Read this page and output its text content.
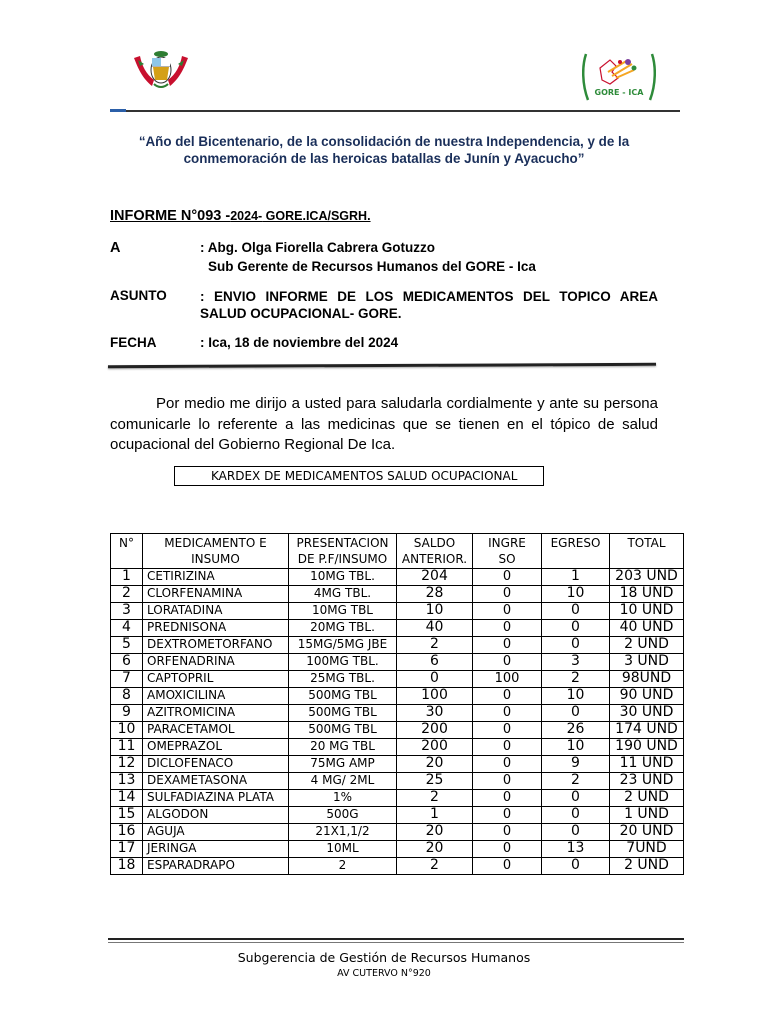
GORE - ICA
“Año del Bicentenario, de la consolidación de nuestra Independencia, y de la
conmemoración de las heroicas batallas de Junín y Ayacucho”
INFORME N°093 -2024- GORE.ICA/SGRH.
A	: Abg. Olga Fiorella Cabrera Gotuzzo
Sub Gerente de Recursos Humanos del GORE - Ica
ASUNTO : ENVIO INFORME DE LOS MEDICAMENTOS DEL TOPICO AREA SALUD OCUPACIONAL- GORE.
FECHA	: Ica, 18 de noviembre del 2024
Por medio me dirijo a usted para saludarla cordialmente y ante su persona comunicarle lo referente a las medicinas que se tienen en el tópico de salud ocupacional del Gobierno Regional De Ica.
KARDEX DE MEDICAMENTOS SALUD OCUPACIONAL
N°	MEDICAMENTO E INSUMO	PRESENTACION DE P.F/INSUMO	SALDO ANTERIOR.	INGRESO	EGRESO	TOTAL
1	CETIRIZINA	10MG TBL.	204	0	1	203 UND
2	CLORFENAMINA	4MG TBL.	28	0	10	18 UND
3	LORATADINA	10MG TBL	10	0	0	10 UND
4	PREDNISONA	20MG TBL.	40	0	0	40 UND
5	DEXTROMETORFANO	15MG/5MG JBE	2	0	0	2 UND
6	ORFENADRINA	100MG TBL.	6	0	3	3 UND
7	CAPTOPRIL	25MG TBL.	0	100	2	98UND
8	AMOXICILINA	500MG TBL	100	0	10	90 UND
9	AZITROMICINA	500MG TBL	30	0	0	30 UND
10	PARACETAMOL	500MG TBL	200	0	26	174 UND
11	OMEPRAZOL	20 MG TBL	200	0	10	190 UND
12	DICLOFENACO	75MG AMP	20	0	9	11 UND
13	DEXAMETASONA	4 MG/ 2ML	25	0	2	23 UND
14	SULFADIAZINA PLATA	1%	2	0	0	2 UND
15	ALGODON	500G	1	0	0	1 UND
16	AGUJA	21X1,1/2	20	0	0	20 UND
17	JERINGA	10ML	20	0	13	7UND
18	ESPARADRAPO	2	2	0	0	2 UND
Subgerencia de Gestión de Recursos Humanos
AV CUTERVO N°920
